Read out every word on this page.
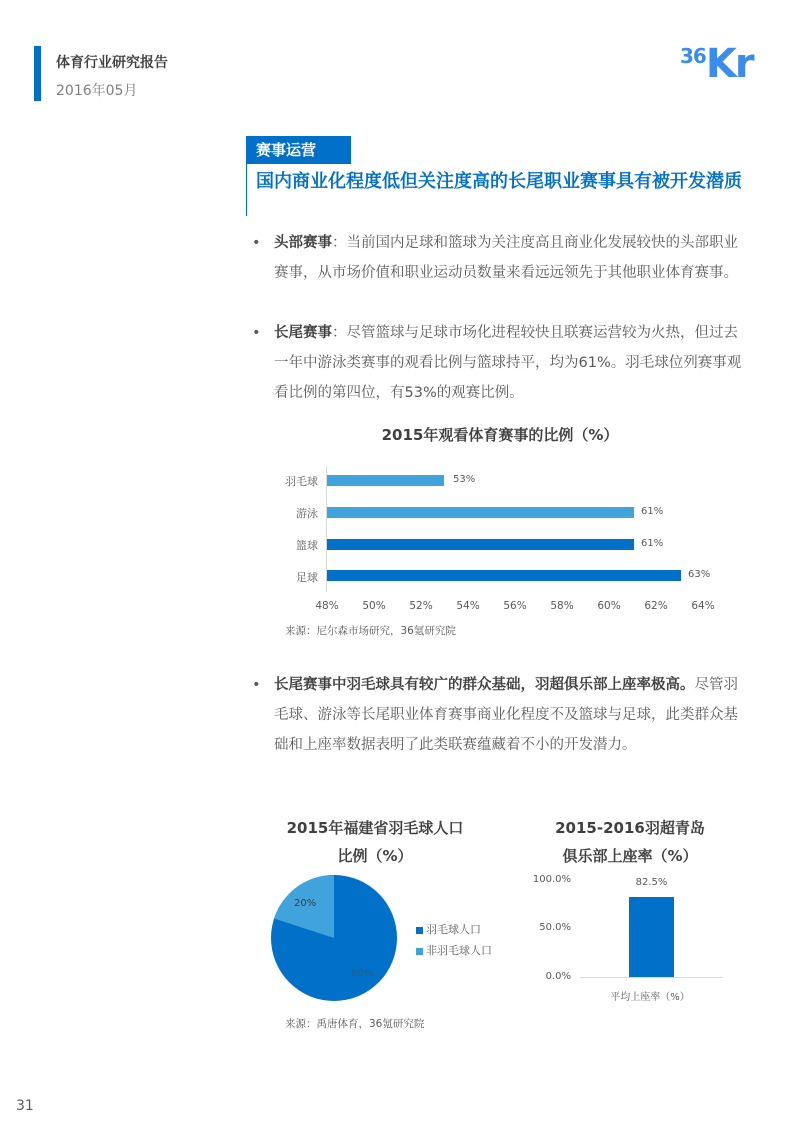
体育行业研究报告
2016年05月
36Kr
赛事运营
国内商业化程度低但关注度高的长尾职业赛事具有被开发潜质
• 头部赛事：当前国内足球和篮球为关注度高且商业化发展较快的头部职业赛事，从市场价值和职业运动员数量来看远远领先于其他职业体育赛事。
• 长尾赛事：尽管篮球与足球市场化进程较快且联赛运营较为火热，但过去一年中游泳类赛事的观看比例与篮球持平，均为61%。羽毛球位列赛事观看比例的第四位，有53%的观赛比例。
2015年观看体育赛事的比例（%）
羽毛球	53%
游泳	61%
篮球	61%
足球	63%
48%	50%	52%	54%	56%	58%	60%	62%	64%
来源：尼尔森市场研究，36氪研究院
• 长尾赛事中羽毛球具有较广的群众基础，羽超俱乐部上座率极高。尽管羽毛球、游泳等长尾职业体育赛事商业化程度不及篮球与足球，此类群众基础和上座率数据表明了此类联赛蕴藏着不小的开发潜力。
2015年福建省羽毛球人口
比例（%）
20%
80%
羽毛球人口
非羽毛球人口
来源：禹唐体育，36氪研究院
2015-2016羽超青岛
俱乐部上座率（%）
100.0%
50.0%
0.0%
82.5%
平均上座率（%）
31
